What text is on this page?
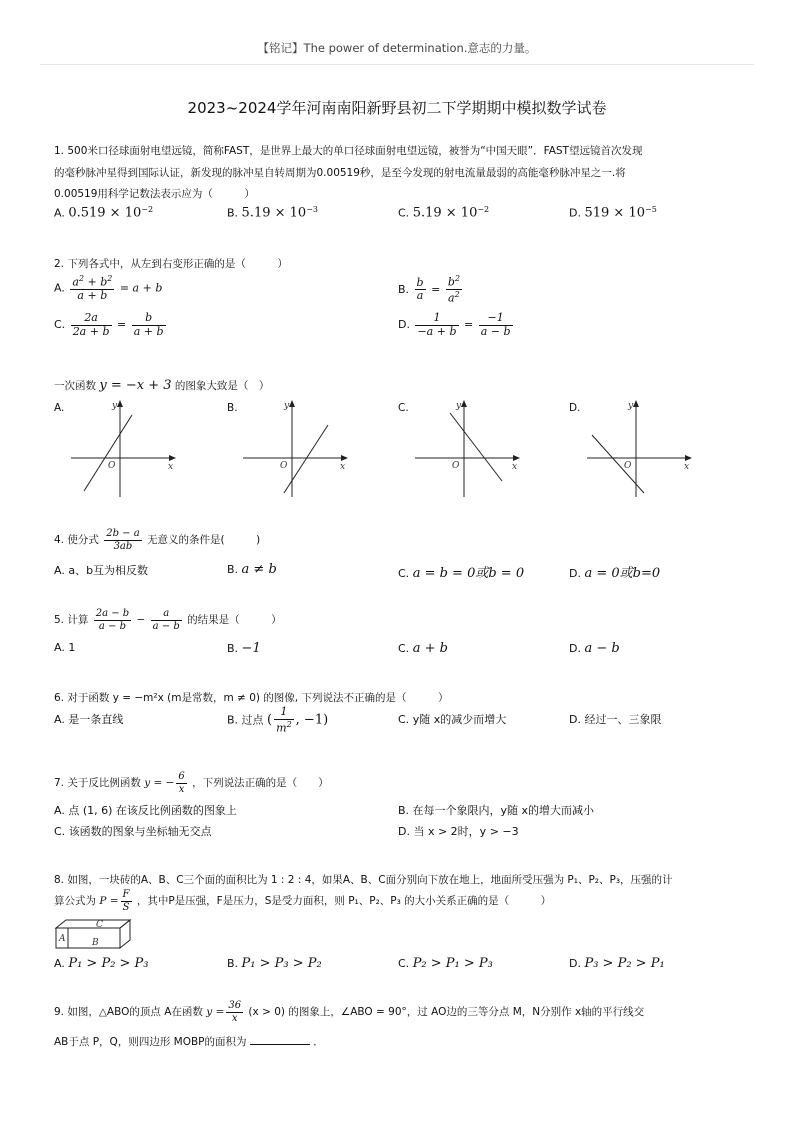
【铭记】The power of determination.意志的力量。
2023~2024学年河南南阳新野县初二下学期期中模拟数学试卷
1. 500米口径球面射电望远镜，简称FAST，是世界上最大的单口径球面射电望远镜，被誉为“中国天眼”．FAST望远镜首次发现
的毫秒脉冲星得到国际认证，新发现的脉冲星自转周期为0.00519秒，是至今发现的射电流量最弱的高能毫秒脉冲星之一.将
0.00519用科学记数法表示应为（　　　）
A. $0.519 \times 10^{-2}$	B. $5.19 \times 10^{-3}$	C. $5.19 \times 10^{-2}$	D. $519 \times 10^{-5}$
2. 下列各式中，从左到右变形正确的是（　　　）
A. $\frac{a^2 + b^2}{a + b} = a + b$	B. $\frac{b}{a} = \frac{b^2}{a^2}$
C. $\frac{2a}{2a + b} = \frac{b}{a + b}$	D. $\frac{1}{-a + b} = \frac{-1}{a - b}$
一次函数 y = −x + 3 的图象大致是（　）
A.	B.	C.	D.
y
x
O
y
x
O
y
x
O
y
x
O
4. 使分式 $\frac{2b - a}{3ab}$ 无意义的条件是(　　　)
A. a、b互为相反数	B. a ≠ b	C. a = b = 0或b = 0	D. a = 0或b=0
5. 计算 $\frac{2a - b}{a - b} - \frac{a}{a - b}$ 的结果是（　　　）
A. 1	B. −1	C. a + b	D. a − b
6. 对于函数 y = −m²x (m是常数，m ≠ 0) 的图像, 下列说法不正确的是（　　　）
A. 是一条直线	B. 过点 ( $\frac{1}{m^2}$ , −1)	C. y随 x的减少而增大	D. 经过一、三象限
7. 关于反比例函数 y = − $\frac{6}{x}$ ，下列说法正确的是（　　）
A. 点 (1, 6) 在该反比例函数的图象上	B. 在每一个象限内，y随 x的增大而减小
C. 该函数的图象与坐标轴无交点	D. 当 x > 2时，y > −3
8. 如图，一块砖的A、B、C三个面的面积比为 1 : 2 : 4，如果A、B、C面分别向下放在地上，地面所受压强为 P₁、P₂、P₃，压强的计
算公式为 $P = \frac{F}{S}$ ，其中P是压强，F是压力，S是受力面积，则 P₁、P₂、P₃ 的大小关系正确的是（　　　）
A
C
B
A. P₁ > P₂ > P₃	B. P₁ > P₃ > P₂	C. P₂ > P₁ > P₃	D. P₃ > P₂ > P₁
9. 如图，△ABO的顶点 A在函数 $y = \frac{36}{x} (x > 0)$ 的图象上，∠ABO = 90°，过 AO边的三等分点 M，N分别作 x轴的平行线交
AB于点 P，Q，则四边形 MOBP的面积为	．
